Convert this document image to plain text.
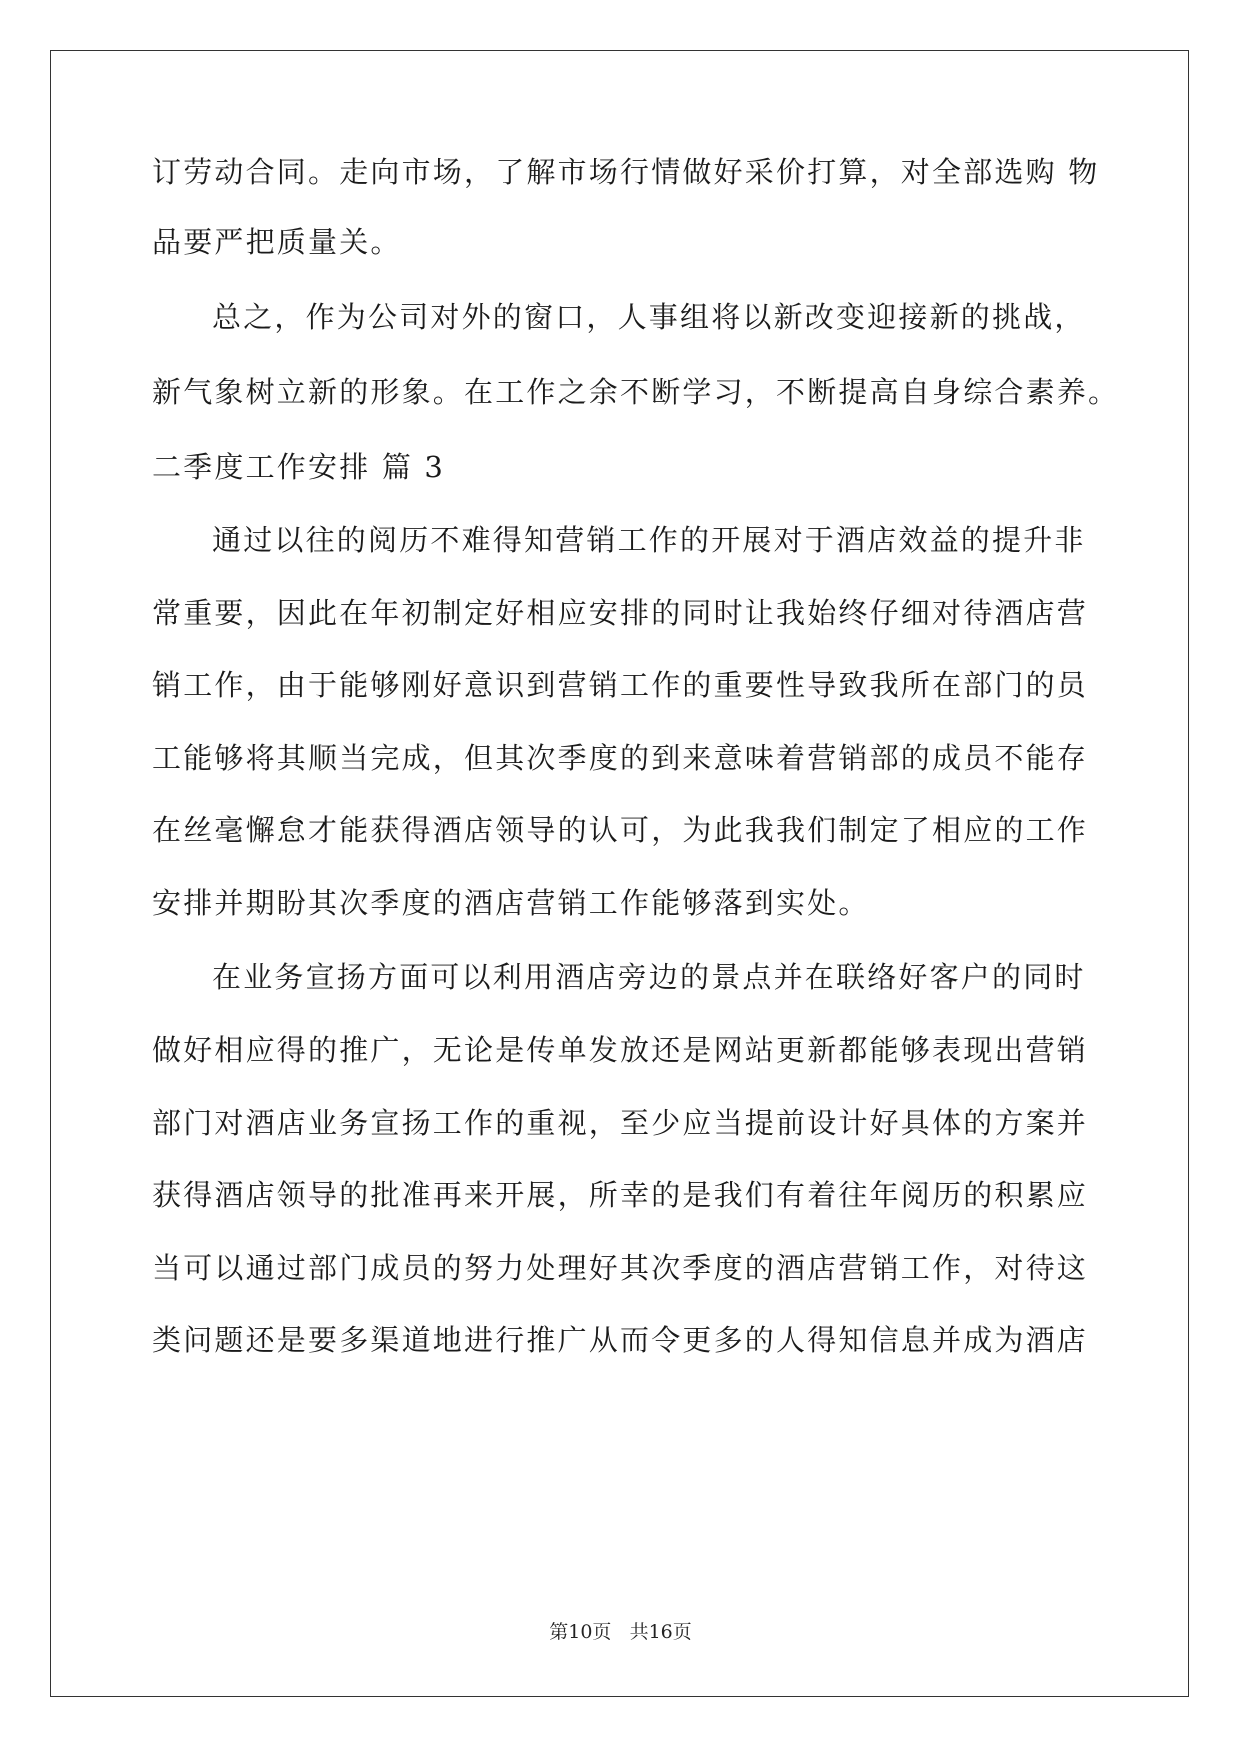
订劳动合同。走向市场，了解市场行情做好采价打算，对全部选购 物
品要严把质量关。
总之，作为公司对外的窗口，人事组将以新改变迎接新的挑战，
新气象树立新的形象。在工作之余不断学习，不断提高自身综合素养。
二季度工作安排 篇 3
通过以往的阅历不难得知营销工作的开展对于酒店效益的提升非
常重要，因此在年初制定好相应安排的同时让我始终仔细对待酒店营
销工作，由于能够刚好意识到营销工作的重要性导致我所在部门的员
工能够将其顺当完成，但其次季度的到来意味着营销部的成员不能存
在丝毫懈怠才能获得酒店领导的认可，为此我我们制定了相应的工作
安排并期盼其次季度的酒店营销工作能够落到实处。
在业务宣扬方面可以利用酒店旁边的景点并在联络好客户的同时
做好相应得的推广，无论是传单发放还是网站更新都能够表现出营销
部门对酒店业务宣扬工作的重视，至少应当提前设计好具体的方案并
获得酒店领导的批准再来开展，所幸的是我们有着往年阅历的积累应
当可以通过部门成员的努力处理好其次季度的酒店营销工作，对待这
类问题还是要多渠道地进行推广从而令更多的人得知信息并成为酒店
第10页 共16页
